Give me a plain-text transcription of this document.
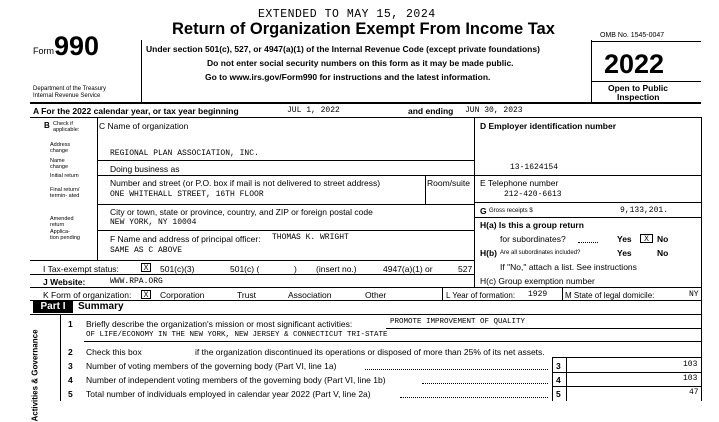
EXTENDED TO MAY 15, 2024
Form 990
Department of the Treasury
Internal Revenue Service
Return of Organization Exempt From Income Tax
Under section 501(c), 527, or 4947(a)(1) of the Internal Revenue Code (except private foundations)
Do not enter social security numbers on this form as it may be made public.
Go to www.irs.gov/Form990 for instructions and the latest information.
OMB No. 1545-0047
2022
Open to Public
Inspection
A For the 2022 calendar year, or tax year beginning	JUL 1, 2022	and ending JUN 30, 2023
B Check if applicable:
Address change
Name change
Initial return
Final return/ termin- ated
Amended return
Applica- tion pending
C Name of organization
REGIONAL PLAN ASSOCIATION, INC.
Doing business as
Number and street (or P.O. box if mail is not delivered to street address)	Room/suite
ONE WHITEHALL STREET, 16TH FLOOR
City or town, state or province, country, and ZIP or foreign postal code
NEW YORK, NY 10004
F Name and address of principal officer: THOMAS K. WRIGHT
SAME AS C ABOVE
D Employer identification number
13-1624154
E Telephone number
212-420-6613
G Gross receipts $	9,133,201.
H(a) Is this a group return
for subordinates?	Yes	X No
H(b) Are all subordinates included?	Yes	No
If "No," attach a list. See instructions
H(c) Group exemption number
I Tax-exempt status:	X	501(c)(3)	501(c) (	) (insert no.)	4947(a)(1) or	527
J Website:	WWW.RPA.ORG
K Form of organization:	X	Corporation	Trust	Association	Other	L Year of formation: 1929 M State of legal domicile:	NY
Part I	Summary
Activities & Governance
1 Briefly describe the organization's mission or most significant activities:	PROMOTE IMPROVEMENT OF QUALITY
OF LIFE/ECONOMY IN THE NEW YORK, NEW JERSEY & CONNECTICUT TRI-STATE
2 Check this box	if the organization discontinued its operations or disposed of more than 25% of its net assets.
3 Number of voting members of the governing body (Part VI, line 1a)	3	103
4 Number of independent voting members of the governing body (Part VI, line 1b)	4	103
5 Total number of individuals employed in calendar year 2022 (Part V, line 2a)	5	47
